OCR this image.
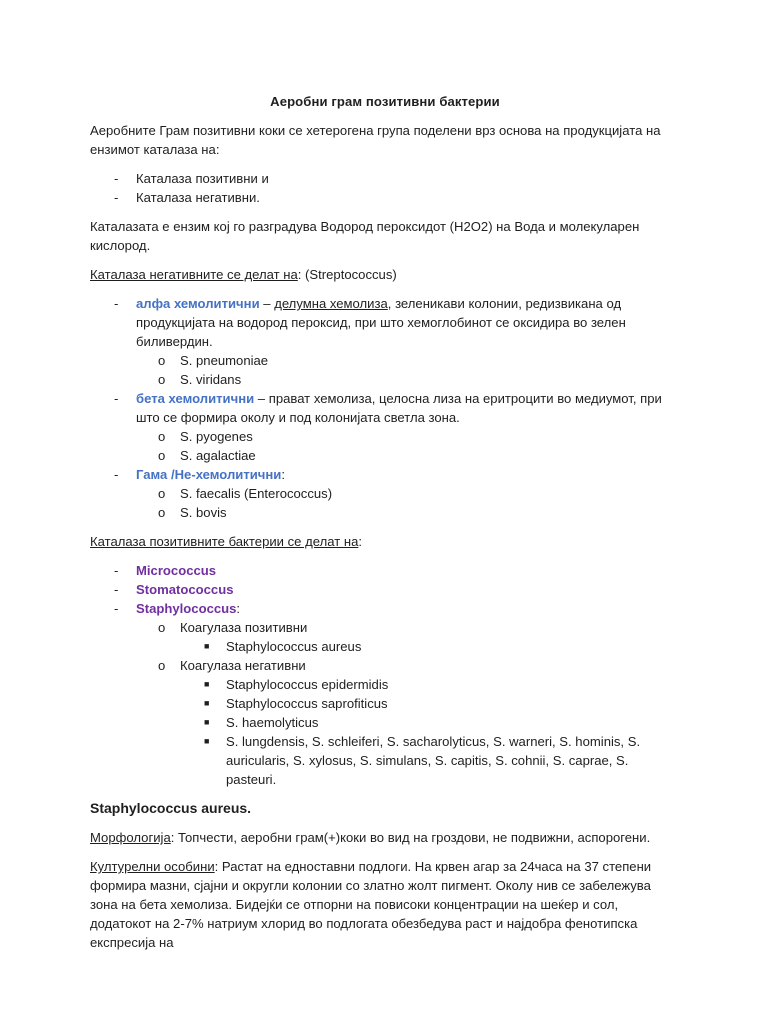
Аеробни грам позитивни бактерии

Аеробните Грам позитивни коки се хетерогена група поделени врз основа на продукцијата на ензимот каталаза на:

- Каталаза позитивни и
- Каталаза негативни.

Каталазата е ензим кој го разградува Водород пероксидот (H2O2) на Вода и молекуларен кислород.

Каталаза негативните се делат на: (Streptococcus)

- алфа хемолитични – делумна хемолиза, зеленикави колонии, редизвикана од продукцијата на водород пероксид, при што хемоглобинот се оксидира во зелен биливердин.
o S. pneumoniae
o S. viridans
- бета хемолитични – прават хемолиза, целосна лиза на еритроцити во медиумот, при што се формира околу и под колонијата светла зона.
o S. pyogenes
o S. agalactiae
- Гама /Не-хемолитични:
o S. faecalis (Enterococcus)
o S. bovis

Каталаза позитивните бактерии се делат на:

- Micrococcus
- Stomatococcus
- Staphylococcus:
o Коагулаза позитивни
■ Staphylococcus aureus
o Коагулаза негативни
■ Staphylococcus epidermidis
■ Staphylococcus saprofiticus
■ S. haemolyticus
■ S. lungdensis, S. schleiferi, S. sacharolyticus, S. warneri, S. hominis, S. auricularis, S. xylosus, S. simulans, S. capitis, S. cohnii, S. caprae, S. pasteuri.

Staphylococcus aureus.

Морфологија: Топчести, аеробни грам(+)коки во вид на гроздови, не подвижни, аспорогени.

Културелни особини: Растат на едноставни подлоги. На крвен агар за 24часа на 37 степени формира мазни, сјајни и округли колонии со златно жолт пигмент. Околу нив се забележува зона на бета хемолиза. Бидејќи се отпорни на повисоки концентрации на шеќер и сол, додатокот на 2-7% натриум хлорид во подлогата обезбедува раст и најдобра фенотипска експресија на
